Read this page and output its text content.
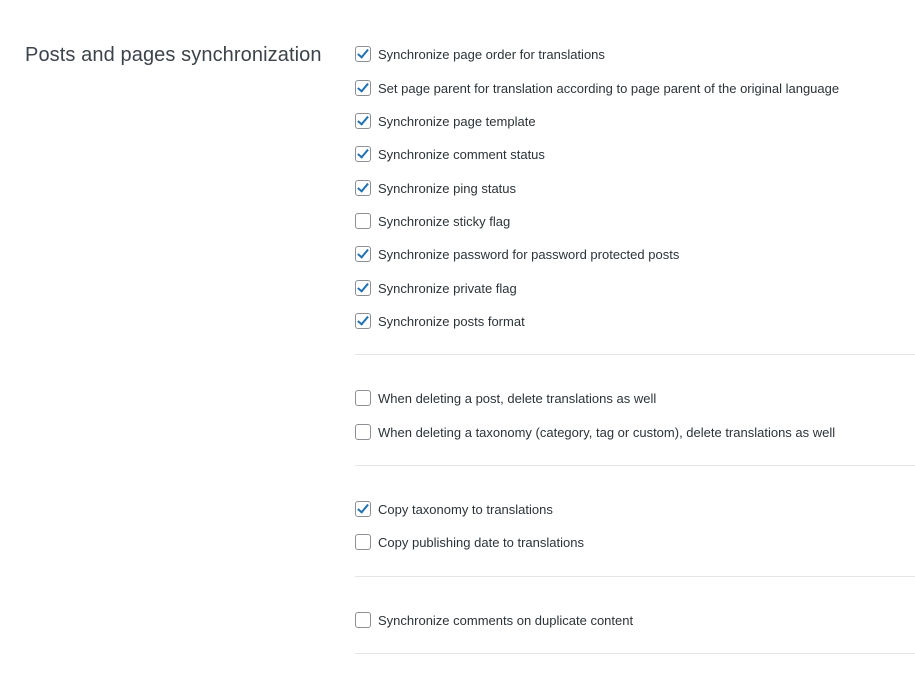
Posts and pages synchronization	Synchronize page order for translations
Set page parent for translation according to page parent of the original language
Synchronize page template
Synchronize comment status
Synchronize ping status
Synchronize sticky flag
Synchronize password for password protected posts
Synchronize private flag
Synchronize posts format
When deleting a post, delete translations as well
When deleting a taxonomy (category, tag or custom), delete translations as well
Copy taxonomy to translations
Copy publishing date to translations
Synchronize comments on duplicate content
